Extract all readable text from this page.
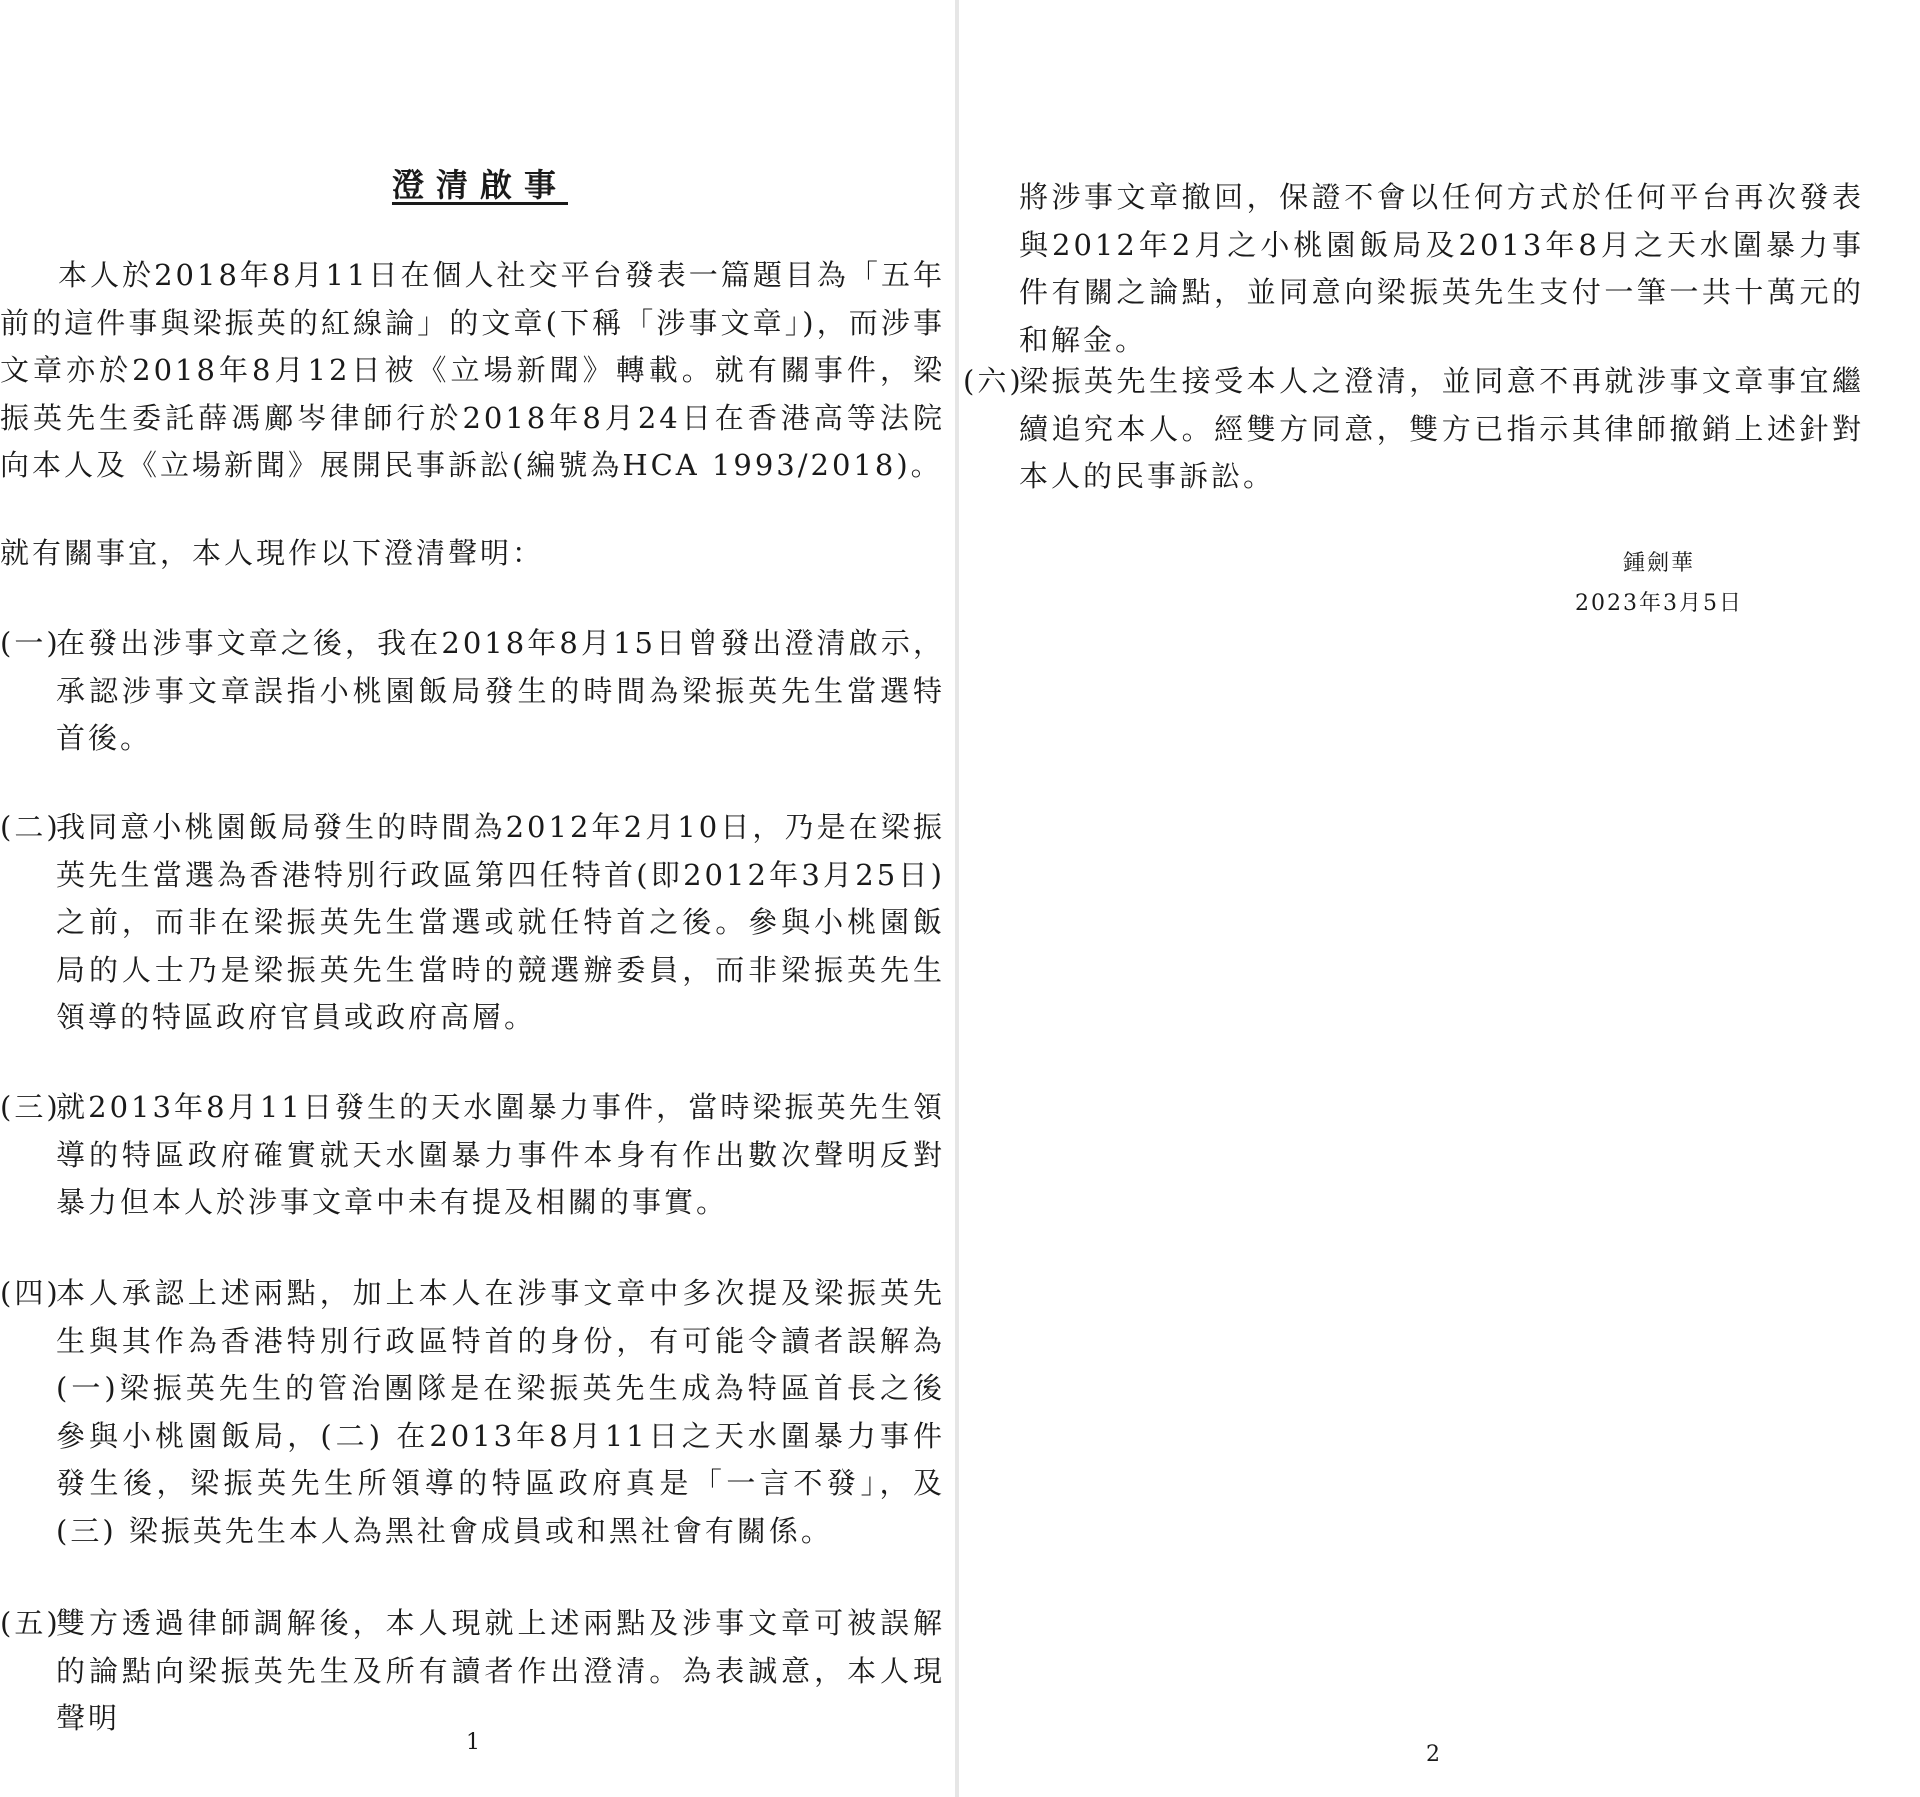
澄清啟事

本人於2018年8月11日在個人社交平台發表一篇題目為「五年前的這件事與梁振英的紅線論」的文章(下稱「涉事文章」)，而涉事文章亦於2018年8月12日被《立場新聞》轉載。就有關事件，梁振英先生委託薛馮鄺岑律師行於2018年8月24日在香港高等法院向本人及《立場新聞》展開民事訴訟(編號為HCA 1993/2018)。

就有關事宜，本人現作以下澄清聲明：

(一)
在發出涉事文章之後，我在2018年8月15日曾發出澄清啟示，承認涉事文章誤指小桃園飯局發生的時間為梁振英先生當選特首後。
(二)
我同意小桃園飯局發生的時間為2012年2月10日，乃是在梁振英先生當選為香港特別行政區第四任特首(即2012年3月25日)之前，而非在梁振英先生當選或就任特首之後。參與小桃園飯局的人士乃是梁振英先生當時的競選辦委員，而非梁振英先生領導的特區政府官員或政府高層。
(三)
就2013年8月11日發生的天水圍暴力事件，當時梁振英先生領導的特區政府確實就天水圍暴力事件本身有作出數次聲明反對暴力但本人於涉事文章中未有提及相關的事實。
(四)
本人承認上述兩點，加上本人在涉事文章中多次提及梁振英先生與其作為香港特別行政區特首的身份，有可能令讀者誤解為(一)梁振英先生的管治團隊是在梁振英先生成為特區首長之後參與小桃園飯局，(二) 在2013年8月11日之天水圍暴力事件發生後，梁振英先生所領導的特區政府真是「一言不發」，及(三) 梁振英先生本人為黑社會成員或和黑社會有關係。
(五)
雙方透過律師調解後，本人現就上述兩點及涉事文章可被誤解的論點向梁振英先生及所有讀者作出澄清。為表誠意，本人現聲明
1

將涉事文章撤回，保證不會以任何方式於任何平台再次發表與2012年2月之小桃園飯局及2013年8月之天水圍暴力事件有關之論點，並同意向梁振英先生支付一筆一共十萬元的和解金。

(六)
梁振英先生接受本人之澄清，並同意不再就涉事文章事宜繼續追究本人。經雙方同意，雙方已指示其律師撤銷上述針對本人的民事訴訟。
鍾劍華
2023年3月5日
2
